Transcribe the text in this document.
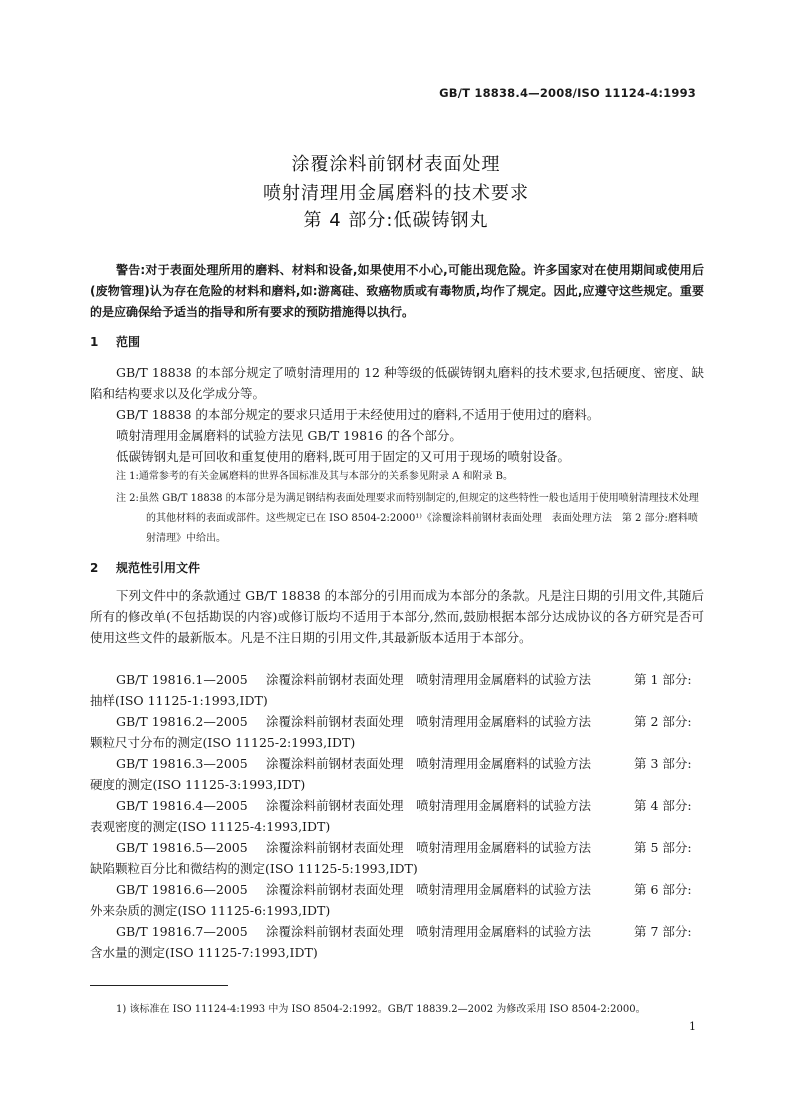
GB/T 18838.4—2008/ISO 11124-4:1993
涂覆涂料前钢材表面处理
喷射清理用金属磨料的技术要求
第 4 部分:低碳铸钢丸
警告:对于表面处理所用的磨料、材料和设备,如果使用不小心,可能出现危险。许多国家对在使用期间或使用后(废物管理)认为存在危险的材料和磨料,如:游离硅、致癌物质或有毒物质,均作了规定。因此,应遵守这些规定。重要的是应确保给予适当的指导和所有要求的预防措施得以执行。
1 范围
GB/T 18838 的本部分规定了喷射清理用的 12 种等级的低碳铸钢丸磨料的技术要求,包括硬度、密度、缺陷和结构要求以及化学成分等。
GB/T 18838 的本部分规定的要求只适用于未经使用过的磨料,不适用于使用过的磨料。
喷射清理用金属磨料的试验方法见 GB/T 19816 的各个部分。
低碳铸钢丸是可回收和重复使用的磨料,既可用于固定的又可用于现场的喷射设备。
注 1:通常参考的有关金属磨料的世界各国标准及其与本部分的关系参见附录 A 和附录 B。
注 2:虽然 GB/T 18838 的本部分是为满足钢结构表面处理要求而特别制定的,但规定的这些特性一般也适用于使用喷射清理技术处理的其他材料的表面或部件。这些规定已在 ISO 8504-2:2000¹⁾《涂覆涂料前钢材表面处理　表面处理方法　第 2 部分:磨料喷射清理》中给出。
2 规范性引用文件
下列文件中的条款通过 GB/T 18838 的本部分的引用而成为本部分的条款。凡是注日期的引用文件,其随后所有的修改单(不包括勘误的内容)或修订版均不适用于本部分,然而,鼓励根据本部分达成协议的各方研究是否可使用这些文件的最新版本。凡是不注日期的引用文件,其最新版本适用于本部分。
GB/T 19816.1—2005 涂覆涂料前钢材表面处理　喷射清理用金属磨料的试验方法	第 1 部分:
抽样(ISO 11125-1:1993,IDT)
GB/T 19816.2—2005 涂覆涂料前钢材表面处理　喷射清理用金属磨料的试验方法	第 2 部分:
颗粒尺寸分布的测定(ISO 11125-2:1993,IDT)
GB/T 19816.3—2005 涂覆涂料前钢材表面处理　喷射清理用金属磨料的试验方法	第 3 部分:
硬度的测定(ISO 11125-3:1993,IDT)
GB/T 19816.4—2005 涂覆涂料前钢材表面处理　喷射清理用金属磨料的试验方法	第 4 部分:
表观密度的测定(ISO 11125-4:1993,IDT)
GB/T 19816.5—2005 涂覆涂料前钢材表面处理　喷射清理用金属磨料的试验方法	第 5 部分:
缺陷颗粒百分比和微结构的测定(ISO 11125-5:1993,IDT)
GB/T 19816.6—2005 涂覆涂料前钢材表面处理　喷射清理用金属磨料的试验方法	第 6 部分:
外来杂质的测定(ISO 11125-6:1993,IDT)
GB/T 19816.7—2005 涂覆涂料前钢材表面处理　喷射清理用金属磨料的试验方法	第 7 部分:
含水量的测定(ISO 11125-7:1993,IDT)
1) 该标准在 ISO 11124-4:1993 中为 ISO 8504-2:1992。GB/T 18839.2—2002 为修改采用 ISO 8504-2:2000。
1
